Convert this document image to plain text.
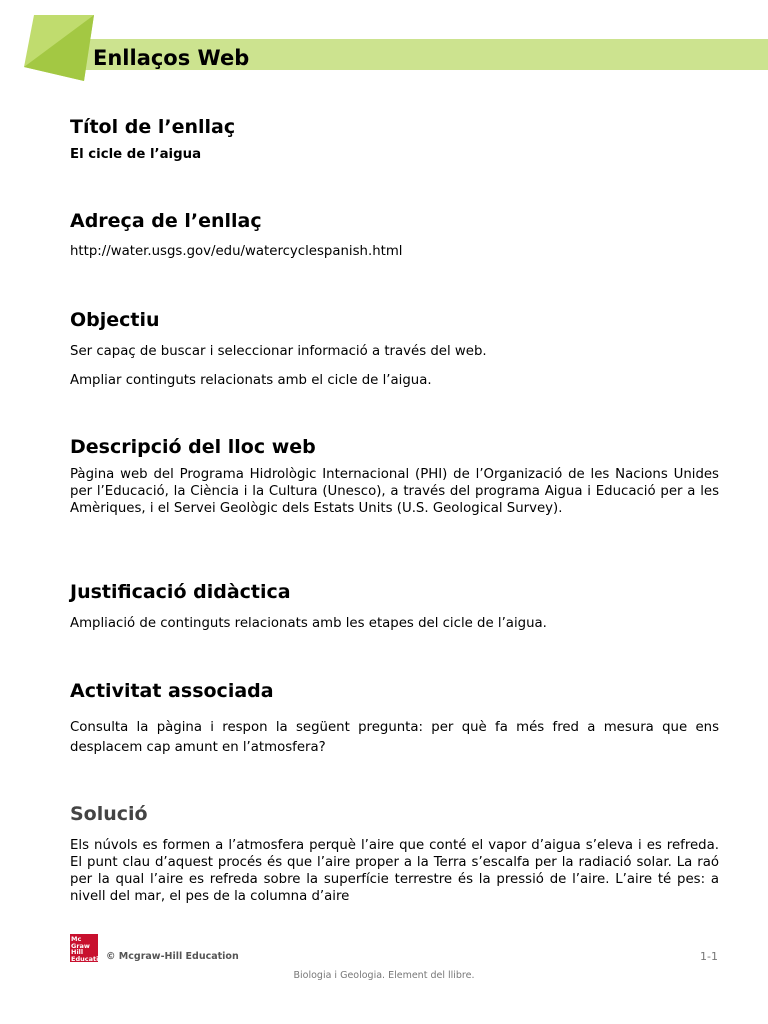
Enllaços Web
Títol de l’enllaç

El cicle de l’aigua

Adreça de l’enllaç

http://water.usgs.gov/edu/watercyclespanish.html

Objectiu

Ser capaç de buscar i seleccionar informació a través del web.

Ampliar continguts relacionats amb el cicle de l’aigua.

Descripció del lloc web

Pàgina web del Programa Hidrològic Internacional (PHI) de l’Organizació de les Nacions Unides per l’Educació, la Ciència i la Cultura (Unesco), a través del programa Aigua i Educació per a les Amèriques, i el Servei Geològic dels Estats Units (U.S. Geological Survey).

Justificació didàctica

Ampliació de continguts relacionats amb les etapes del cicle de l’aigua.

Activitat associada

Consulta la pàgina i respon la següent pregunta: per què fa més fred a mesura que ens desplacem cap amunt en l’atmosfera?

Solució

Els núvols es formen a l’atmosfera perquè l’aire que conté el vapor d’aigua s’eleva i es refreda. El punt clau d’aquest procés és que l’aire proper a la Terra s’escalfa per la radiació solar. La raó per la qual l’aire es refreda sobre la superfície terrestre és la pressió de l’aire. L’aire té pes: a nivell del mar, el pes de la columna d’aire

Mc Graw Hill Education
© Mcgraw-Hill Education	1-1
Biologia i Geologia. Element del llibre.
